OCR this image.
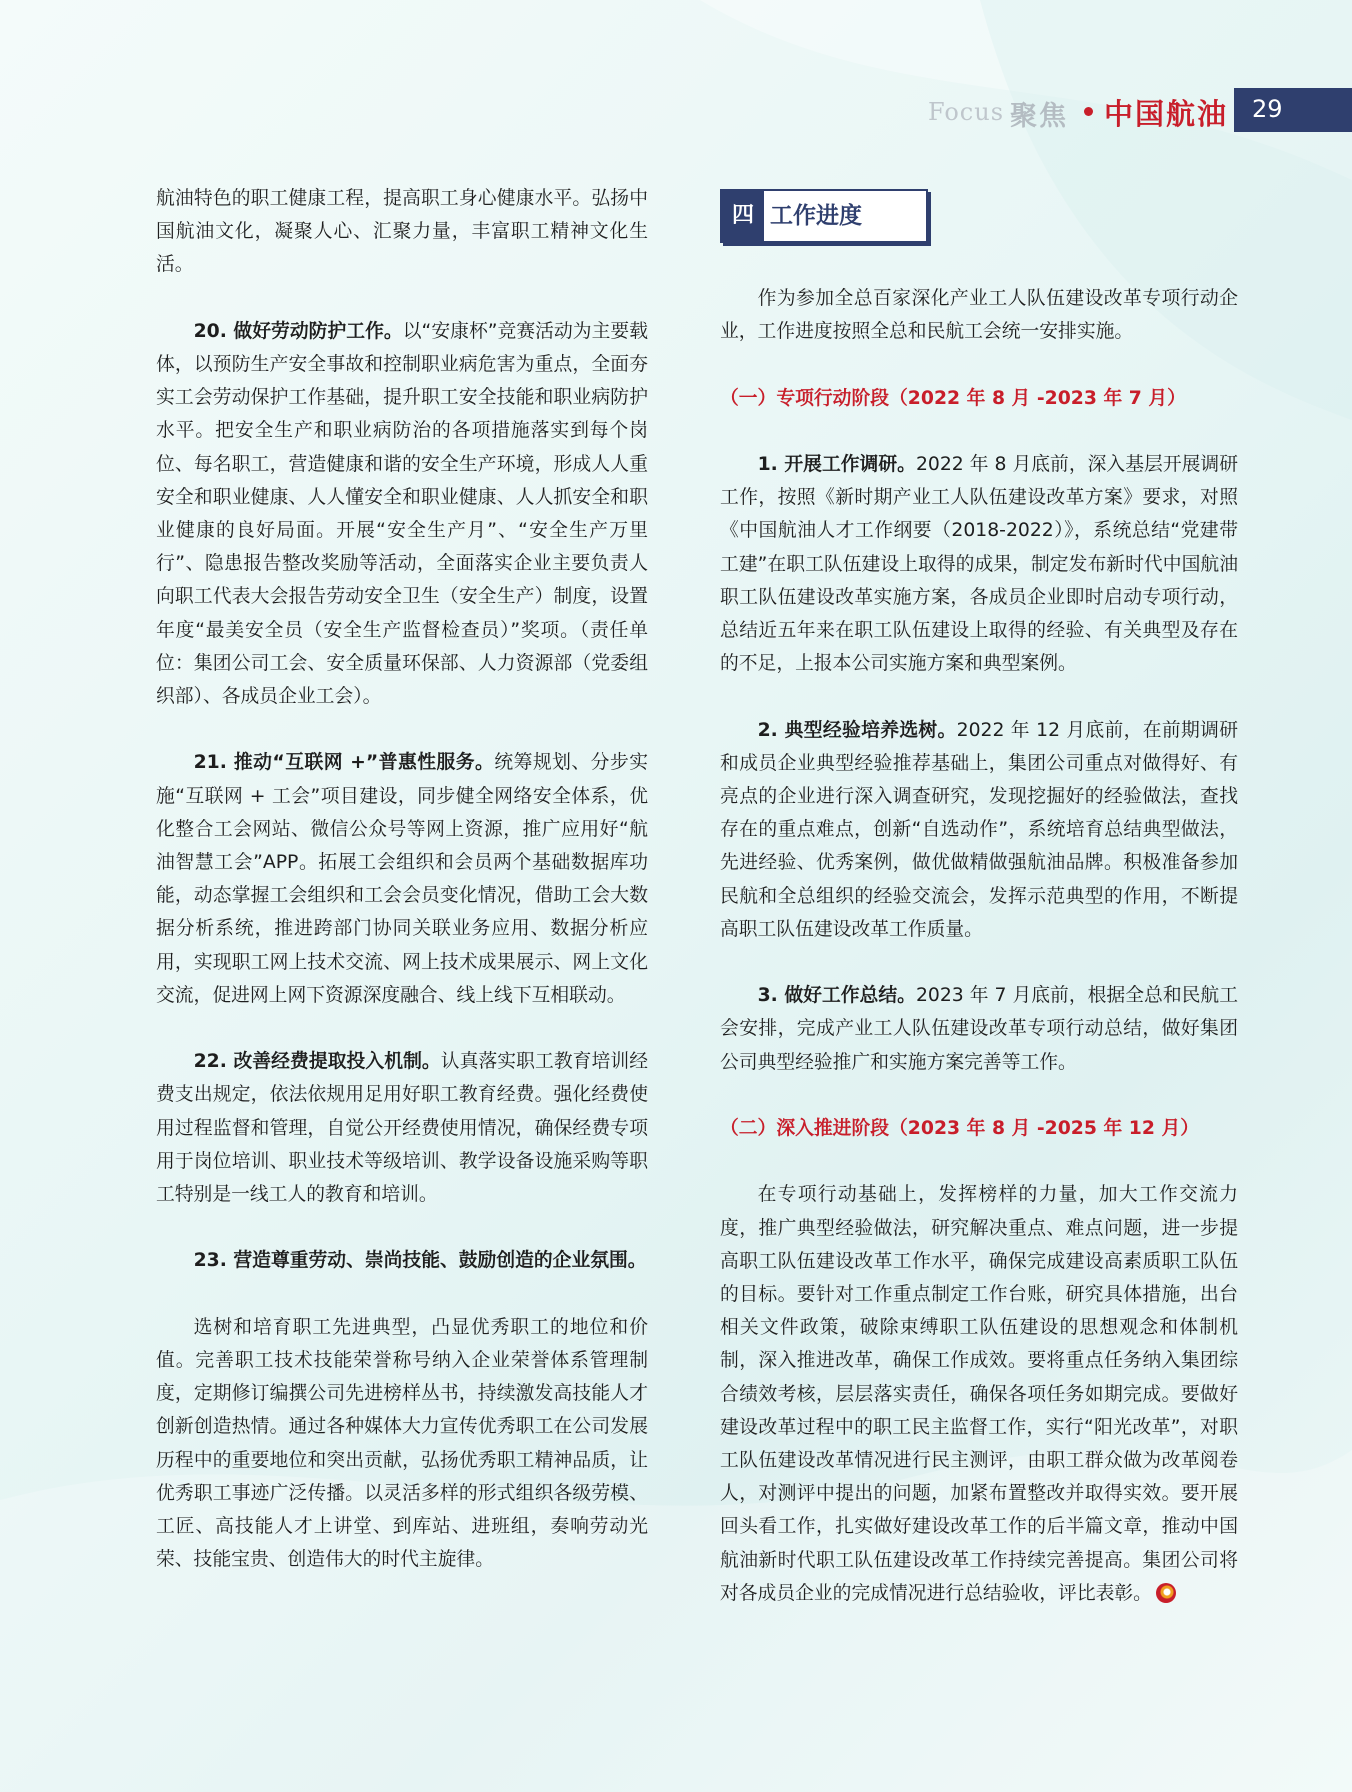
Focus 聚焦 中国航油 29

航油特色的职工健康工程，提高职工身心健康水平。弘扬中国航油文化，凝聚人心、汇聚力量，丰富职工精神文化生活。

20. 做好劳动防护工作。以“安康杯”竞赛活动为主要载体，以预防生产安全事故和控制职业病危害为重点，全面夯实工会劳动保护工作基础，提升职工安全技能和职业病防护水平。把安全生产和职业病防治的各项措施落实到每个岗位、每名职工，营造健康和谐的安全生产环境，形成人人重安全和职业健康、人人懂安全和职业健康、人人抓安全和职业健康的良好局面。开展“安全生产月”、“安全生产万里行”、隐患报告整改奖励等活动，全面落实企业主要负责人向职工代表大会报告劳动安全卫生（安全生产）制度，设置年度“最美安全员（安全生产监督检查员）”奖项。（责任单位：集团公司工会、安全质量环保部、人力资源部（党委组织部）、各成员企业工会）。

21. 推动“互联网 +”普惠性服务。统筹规划、分步实施“互联网 + 工会”项目建设，同步健全网络安全体系，优化整合工会网站、微信公众号等网上资源，推广应用好“航油智慧工会”APP。拓展工会组织和会员两个基础数据库功能，动态掌握工会组织和工会会员变化情况，借助工会大数据分析系统，推进跨部门协同关联业务应用、数据分析应用，实现职工网上技术交流、网上技术成果展示、网上文化交流，促进网上网下资源深度融合、线上线下互相联动。

22. 改善经费提取投入机制。认真落实职工教育培训经费支出规定，依法依规用足用好职工教育经费。强化经费使用过程监督和管理，自觉公开经费使用情况，确保经费专项用于岗位培训、职业技术等级培训、教学设备设施采购等职工特别是一线工人的教育和培训。

23. 营造尊重劳动、崇尚技能、鼓励创造的企业氛围。

选树和培育职工先进典型，凸显优秀职工的地位和价值。完善职工技术技能荣誉称号纳入企业荣誉体系管理制度，定期修订编撰公司先进榜样丛书，持续激发高技能人才创新创造热情。通过各种媒体大力宣传优秀职工在公司发展历程中的重要地位和突出贡献，弘扬优秀职工精神品质，让优秀职工事迹广泛传播。以灵活多样的形式组织各级劳模、工匠、高技能人才上讲堂、到库站、进班组，奏响劳动光荣、技能宝贵、创造伟大的时代主旋律。

四 工作进度

作为参加全总百家深化产业工人队伍建设改革专项行动企业，工作进度按照全总和民航工会统一安排实施。

（一）专项行动阶段（2022 年 8 月 -2023 年 7 月）

1. 开展工作调研。2022 年 8 月底前，深入基层开展调研工作，按照《新时期产业工人队伍建设改革方案》要求，对照《中国航油人才工作纲要（2018-2022）》，系统总结“党建带工建”在职工队伍建设上取得的成果，制定发布新时代中国航油职工队伍建设改革实施方案，各成员企业即时启动专项行动，总结近五年来在职工队伍建设上取得的经验、有关典型及存在的不足，上报本公司实施方案和典型案例。

2. 典型经验培养选树。2022 年 12 月底前，在前期调研和成员企业典型经验推荐基础上，集团公司重点对做得好、有亮点的企业进行深入调查研究，发现挖掘好的经验做法，查找存在的重点难点，创新“自选动作”，系统培育总结典型做法，先进经验、优秀案例，做优做精做强航油品牌。积极准备参加民航和全总组织的经验交流会，发挥示范典型的作用，不断提高职工队伍建设改革工作质量。

3. 做好工作总结。2023 年 7 月底前，根据全总和民航工会安排，完成产业工人队伍建设改革专项行动总结，做好集团公司典型经验推广和实施方案完善等工作。

（二）深入推进阶段（2023 年 8 月 -2025 年 12 月）

在专项行动基础上，发挥榜样的力量，加大工作交流力度，推广典型经验做法，研究解决重点、难点问题，进一步提高职工队伍建设改革工作水平，确保完成建设高素质职工队伍的目标。要针对工作重点制定工作台账，研究具体措施，出台相关文件政策，破除束缚职工队伍建设的思想观念和体制机制，深入推进改革，确保工作成效。要将重点任务纳入集团综合绩效考核，层层落实责任，确保各项任务如期完成。要做好建设改革过程中的职工民主监督工作，实行“阳光改革”，对职工队伍建设改革情况进行民主测评，由职工群众做为改革阅卷人，对测评中提出的问题，加紧布置整改并取得实效。要开展回头看工作，扎实做好建设改革工作的后半篇文章，推动中国航油新时代职工队伍建设改革工作持续完善提高。集团公司将对各成员企业的完成情况进行总结验收，评比表彰。
